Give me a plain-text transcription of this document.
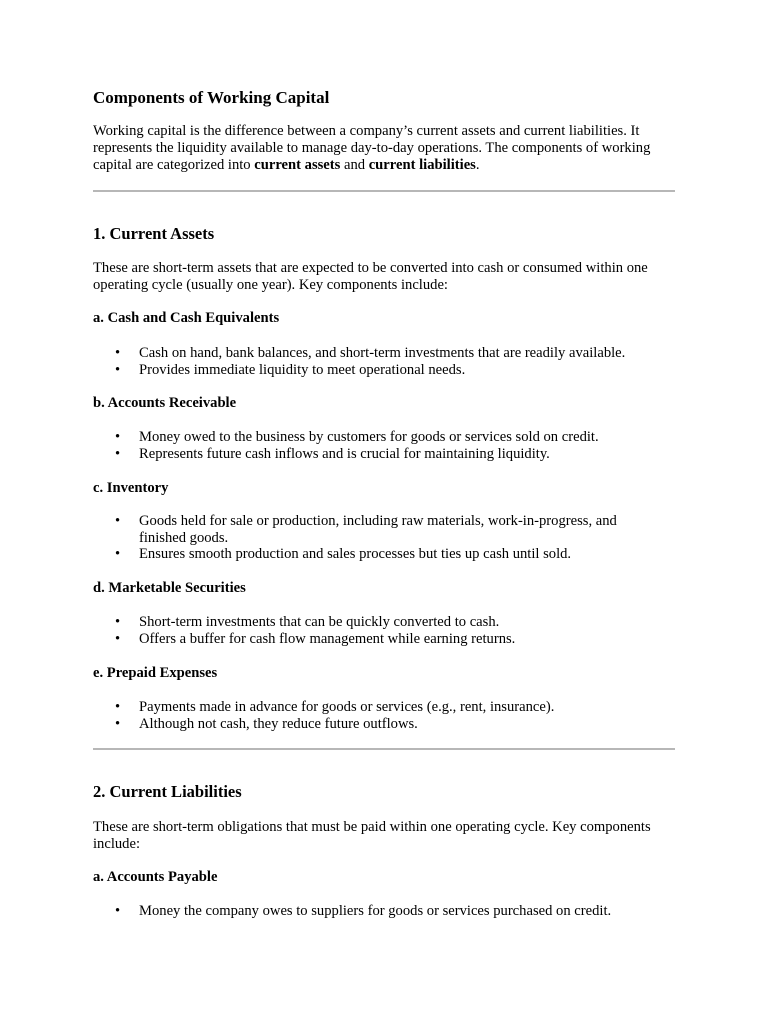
Components of Working Capital

Working capital is the difference between a company’s current assets and current liabilities. It represents the liquidity available to manage day-to-day operations. The components of working capital are categorized into current assets and current liabilities.

1. Current Assets

These are short-term assets that are expected to be converted into cash or consumed within one operating cycle (usually one year). Key components include:

a. Cash and Cash Equivalents
• Cash on hand, bank balances, and short-term investments that are readily available.
• Provides immediate liquidity to meet operational needs.
b. Accounts Receivable
• Money owed to the business by customers for goods or services sold on credit.
• Represents future cash inflows and is crucial for maintaining liquidity.
c. Inventory
• Goods held for sale or production, including raw materials, work-in-progress, and finished goods.
• Ensures smooth production and sales processes but ties up cash until sold.
d. Marketable Securities
• Short-term investments that can be quickly converted to cash.
• Offers a buffer for cash flow management while earning returns.
e. Prepaid Expenses
• Payments made in advance for goods or services (e.g., rent, insurance).
• Although not cash, they reduce future outflows.
2. Current Liabilities

These are short-term obligations that must be paid within one operating cycle. Key components include:

a. Accounts Payable
• Money the company owes to suppliers for goods or services purchased on credit.
